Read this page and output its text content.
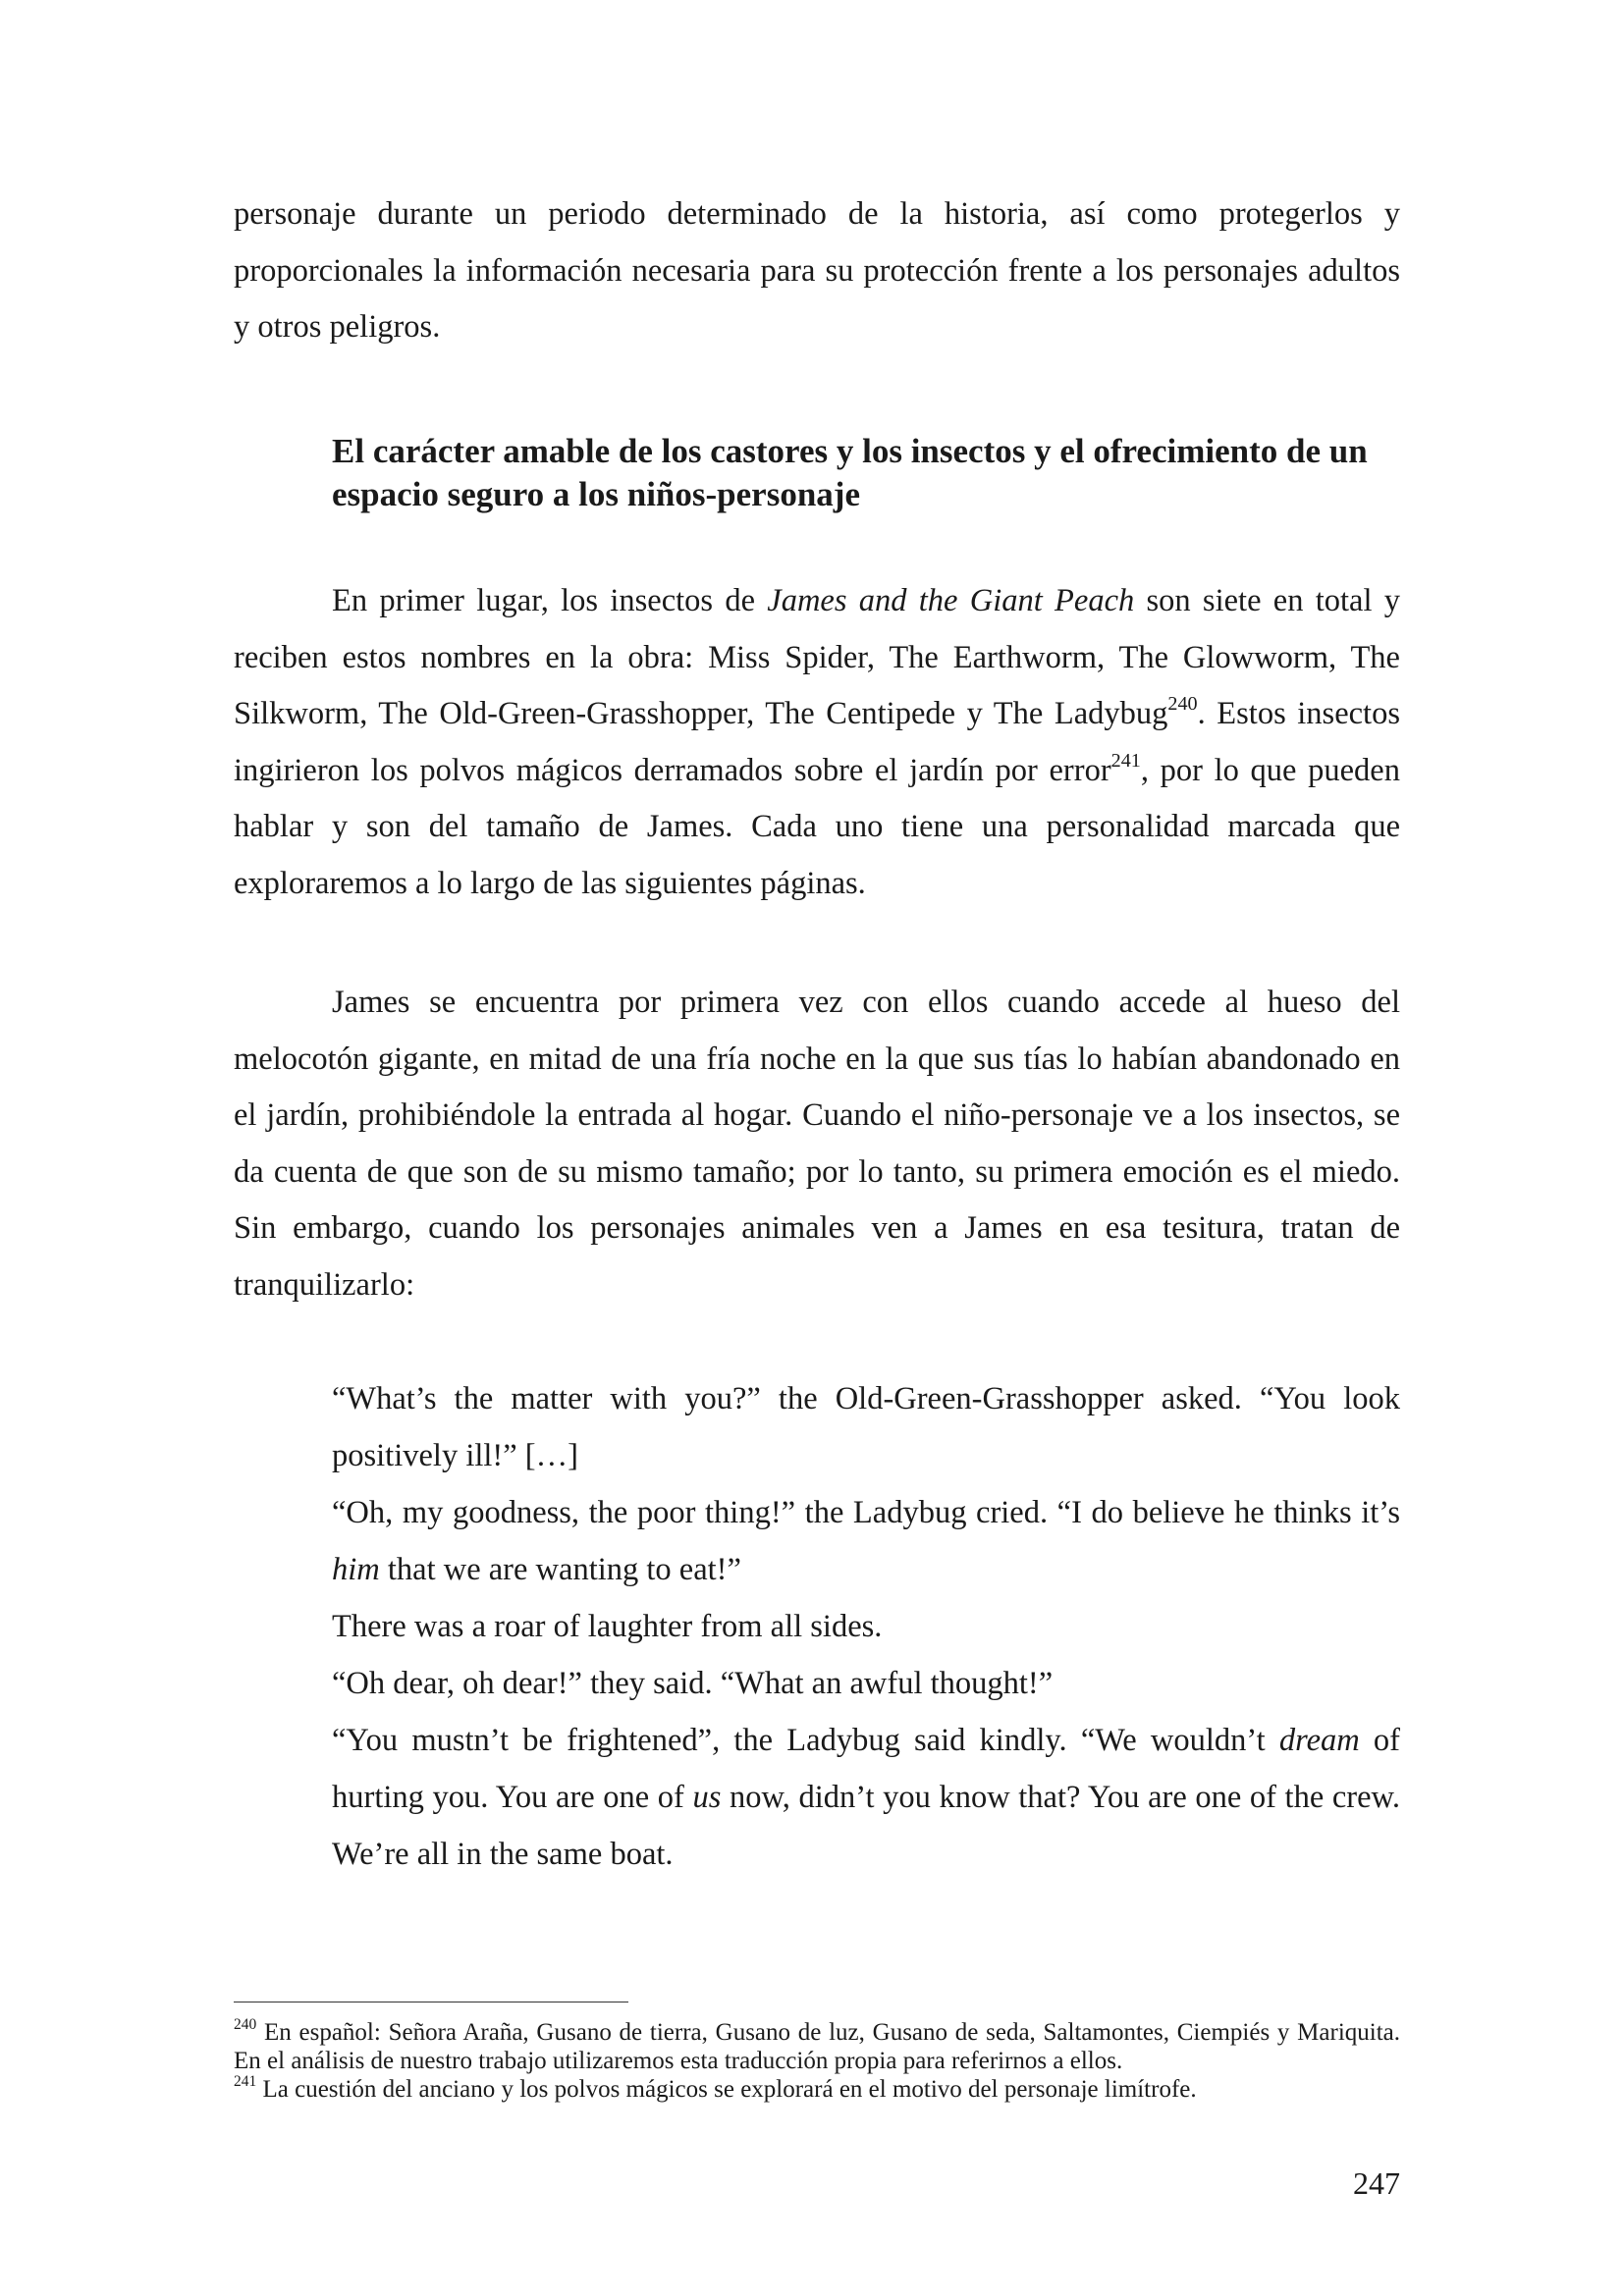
personaje durante un periodo determinado de la historia, así como protegerlos y proporcionales la información necesaria para su protección frente a los personajes adultos y otros peligros.

El carácter amable de los castores y los insectos y el ofrecimiento de un espacio seguro a los niños-personaje

En primer lugar, los insectos de James and the Giant Peach son siete en total y reciben estos nombres en la obra: Miss Spider, The Earthworm, The Glowworm, The Silkworm, The Old-Green-Grasshopper, The Centipede y The Ladybug$^{240}$. Estos insectos ingirieron los polvos mágicos derramados sobre el jardín por error$^{241}$, por lo que pueden hablar y son del tamaño de James. Cada uno tiene una personalidad marcada que exploraremos a lo largo de las siguientes páginas.

James se encuentra por primera vez con ellos cuando accede al hueso del melocotón gigante, en mitad de una fría noche en la que sus tías lo habían abandonado en el jardín, prohibiéndole la entrada al hogar. Cuando el niño-personaje ve a los insectos, se da cuenta de que son de su mismo tamaño; por lo tanto, su primera emoción es el miedo. Sin embargo, cuando los personajes animales ven a James en esa tesitura, tratan de tranquilizarlo:

“What’s the matter with you?” the Old-Green-Grasshopper asked. “You look
positively ill!” […]
“Oh, my goodness, the poor thing!” the Ladybug cried. “I do believe he thinks it’s
him that we are wanting to eat!”
There was a roar of laughter from all sides.
“Oh dear, oh dear!” they said. “What an awful thought!”
“You mustn’t be frightened”, the Ladybug said kindly. “We wouldn’t dream of
hurting you. You are one of us now, didn’t you know that? You are one of the crew.
We’re all in the same boat.

$^{240}$ En español: Señora Araña, Gusano de tierra, Gusano de luz, Gusano de seda, Saltamontes, Ciempiés y Mariquita. En el análisis de nuestro trabajo utilizaremos esta traducción propia para referirnos a ellos.

$^{241}$ La cuestión del anciano y los polvos mágicos se explorará en el motivo del personaje limítrofe.

247
